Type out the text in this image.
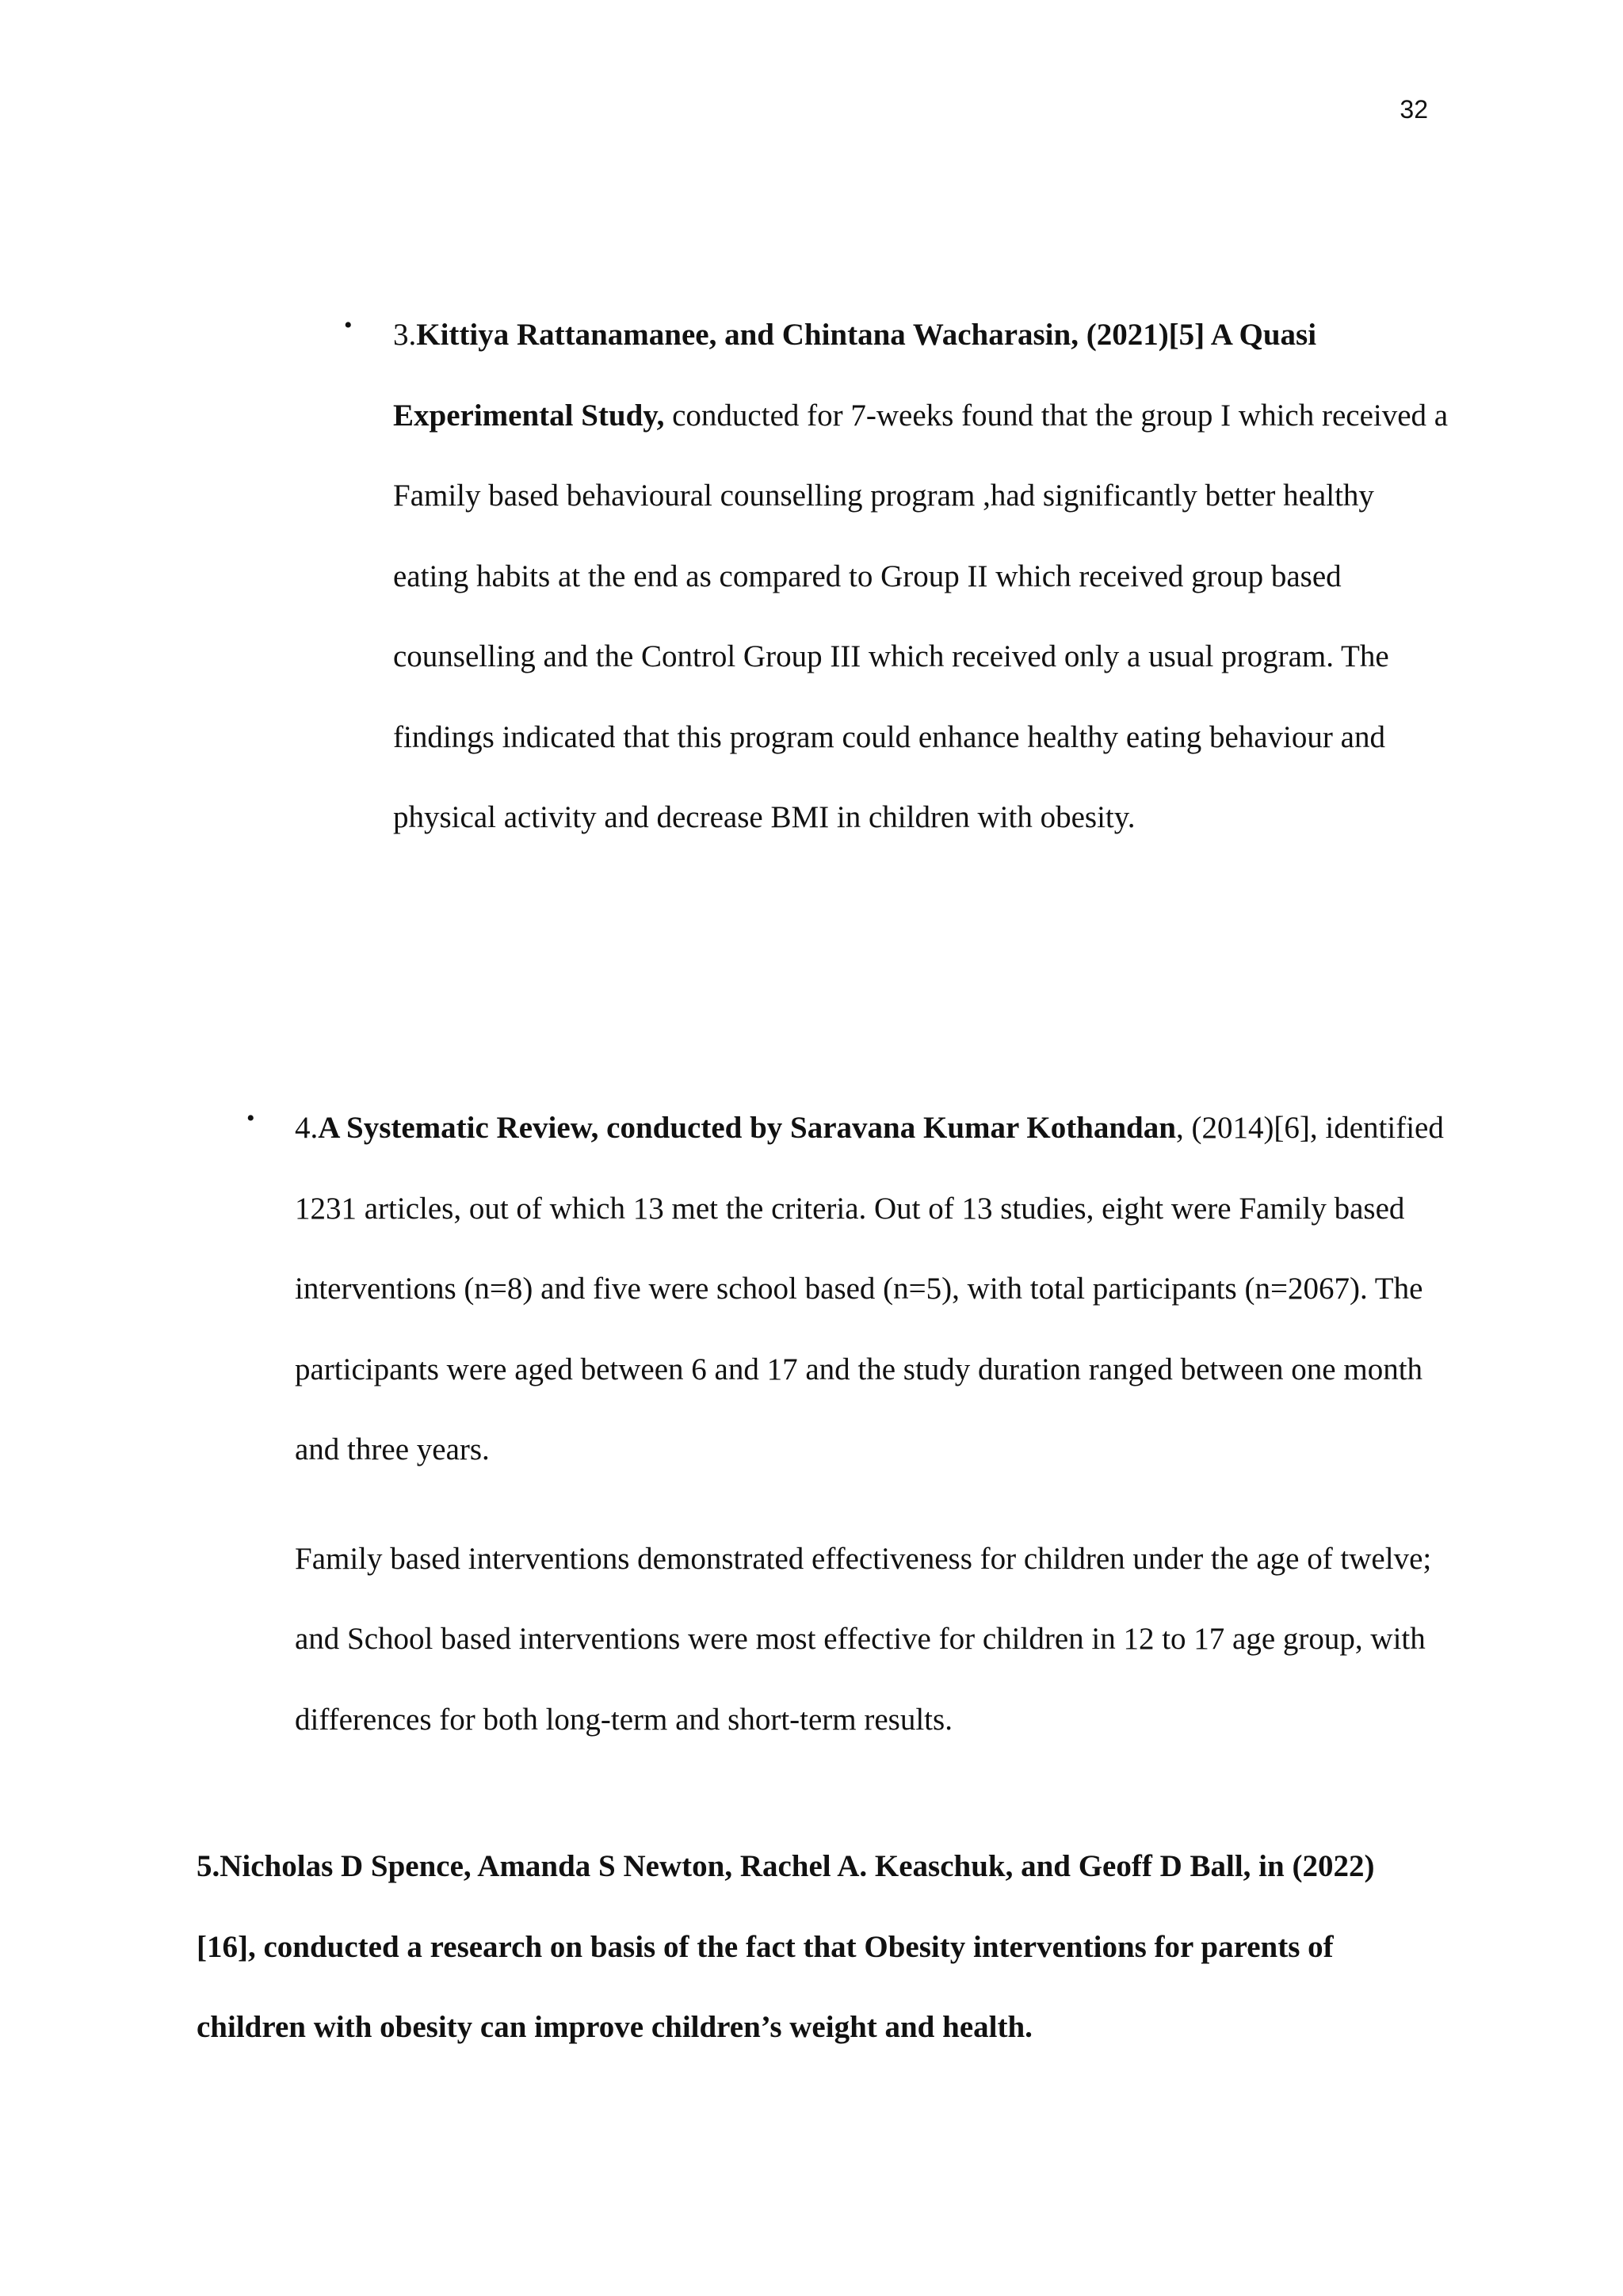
32
• 3.Kittiya Rattanamanee, and Chintana Wacharasin, (2021)[5] A Quasi Experimental Study, conducted for 7-weeks found that the group I which received a Family based behavioural counselling program ,had significantly better healthy eating habits at the end as compared to Group II which received group based counselling and the Control Group III which received only a usual program. The findings indicated that this program could enhance healthy eating behaviour and physical activity and decrease BMI in children with obesity.

• 4.A Systematic Review, conducted by Saravana Kumar Kothandan, (2014)[6], identified 1231 articles, out of which 13 met the criteria. Out of 13 studies, eight were Family based interventions (n=8) and five were school based (n=5), with total participants (n=2067). The participants were aged between 6 and 17 and the study duration ranged between one month and three years.

Family based interventions demonstrated effectiveness for children under the age of twelve; and School based interventions were most effective for children in 12 to 17 age group, with differences for both long-term and short-term results.

5.Nicholas D Spence, Amanda S Newton, Rachel A. Keaschuk, and Geoff D Ball, in (2022)[16], conducted a research on basis of the fact that Obesity interventions for parents of children with obesity can improve children’s weight and health.
